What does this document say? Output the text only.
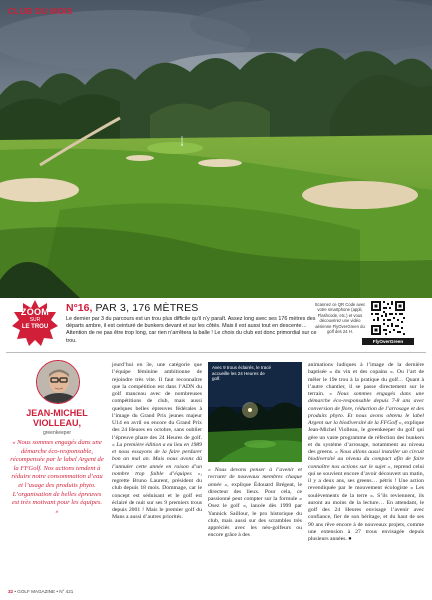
CLUB DU MOIS
ZOOM
SUR
LE TROU
N°16, PAR 3, 176 MÈTRES

Le dernier par 3 du parcours est un trou plus difficile qu’il n’y paraît. Assez long avec ses 176 mètres des départs ambre, il est ceinturé de bunkers devant et sur les côtés. Mais il est aussi tout en descente… Attention de ne pas être trop long, car rien n’arrêtera la balle ! Le choix du club est donc primordial sur ce trou.

Scannez ce QR Code avec votre smartphone (appli, Flashcode, etc.) et vous découvrirez une vidéo aérienne FlyOverGreen du golf des 24 H.

FlyOverGreen
JEAN-MICHEL
VIOLLEAU,
greenkeeper

« Nous sommes engagés dans une démarche éco-responsable, récompensée par le label Argent de la FFGolf. Nos actions tendent à réduire notre consommation d’eau et l’usage des produits phyto. L’organisation de belles épreuves est très motivant pour les équipes. »

jourd’hui en 3e, une catégorie que l’équipe féminine ambitionne de rejoindre très vite. Il faut reconnaître que la compétition est dans l’ADN du golf manceau avec de nombreuses compétitions de club, mais aussi quelques belles épreuves fédérales à l’image du Grand Prix jeunes majeur U14 en avril ou encore du Grand Prix des 24 Heures en octobre, sans oublier l’épreuve phare des 24 Heures de golf. « La première édition a eu lieu en 1989 et nous essayons de la faire perdurer bon an mal an. Mais nous avons dû l’annuler cette année en raison d’un nombre trop faible d’équipes », regrette Bruno Laurent, président du club depuis 18 mois. Dommage, car le concept est séduisant et le golf est éclairé de nuit sur ses 9 premiers trous depuis 2001 ! Mais le premier golf du Mans a aussi d’autres priorités.

Avec 9 trous éclairés, le tracé accueille les 24 Heures de golf.

« Nous devons penser à l’avenir et recruter de nouveaux membres chaque année », explique Édouard Brégeat, le directeur des lieux. Pour cela, ce passionné peut compter sur la formule « Osez le golf », lancée dès 1999 par Yannick Saillour, le pro historique du club, mais aussi sur des scrambles très appréciés avec les néo-golfeurs ou encore grâce à des

animations ludiques à l’image de la dernière baptisée « du vin et des copains ». Ou l’art de mêler le 19e trou à la pratique du golf… Quant à l’autre chantier, il se passe directement sur le terrain. « Nous sommes engagés dans une démarche éco-responsable depuis 7-8 ans avec conversion de flore, réduction de l’arrosage et des produits phyto. Et nous avons obtenu le label Argent sur la biodiversité de la FFGolf », explique Jean-Michel Violleau, le greenkeeper du golf qui gère un vaste programme de réfection des bunkers et du système d’arrosage, notamment au niveau des greens. « Nous allons aussi installer un circuit biodiversité au niveau du compact afin de faire connaître nos actions sur le sujet », reprend celui qui se souvient encore d’avoir découvert un matin, il y a deux ans, ses greens… pétris ! Une action revendiquée par le mouvement écologiste « Les soulèvements de la terre ». S’ils reviennent, ils auront au moins de la lecture… En attendant, le golf des 24 Heures envisage l’avenir avec confiance, fier de son héritage, et du haut de ses 90 ans rêve encore à de nouveaux projets, comme une extension à 27 trous envisagée depuis plusieurs années. ●

32 • GOLF MAGAZINE • N° 421
